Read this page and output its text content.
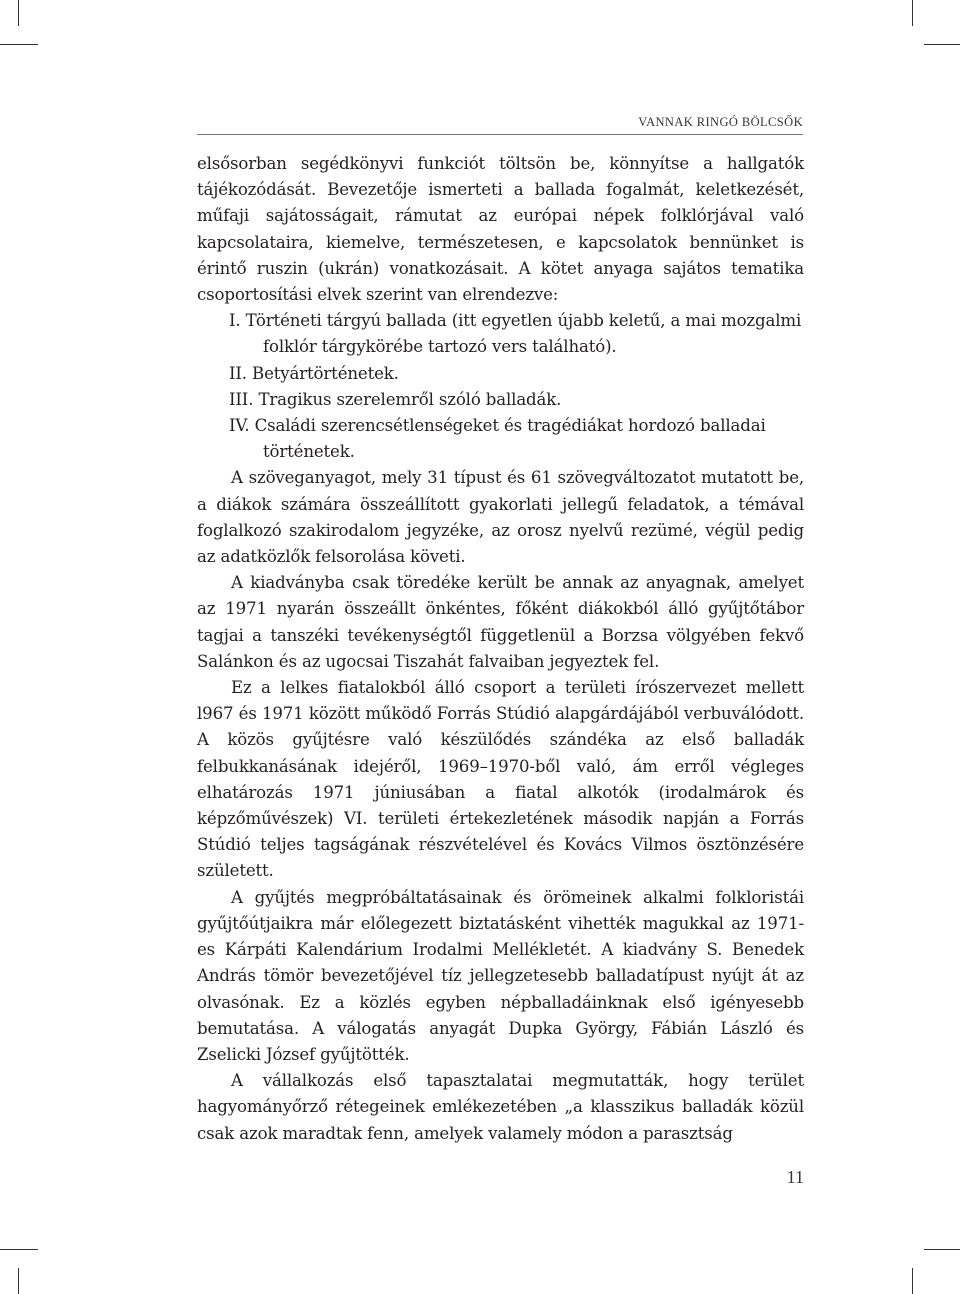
VANNAK RINGÓ BÖLCSŐK

elsősorban segédkönyvi funkciót töltsön be, könnyítse a hallgatók tájékozódását. Bevezetője ismerteti a ballada fogalmát, keletkezését, műfaji sajátosságait, rámutat az európai népek folklórjával való kapcsolataira, kiemelve, természetesen, e kapcsolatok bennünket is érintő ruszin (ukrán) vonatkozásait. A kötet anyaga sajátos tematika csoportosítási elvek szerint van elrendezve:

I. Történeti tárgyú ballada (itt egyetlen újabb keletű, a mai mozgalmi folklór tárgykörébe tartozó vers található).
II. Betyártörténetek.
III. Tragikus szerelemről szóló balladák.
IV. Családi szerencsétlenségeket és tragédiákat hordozó balladai történetek.

A szöveganyagot, mely 31 típust és 61 szövegváltozatot mutatott be, a diákok számára összeállított gyakorlati jellegű feladatok, a témával foglalkozó szakirodalom jegyzéke, az orosz nyelvű rezümé, végül pedig az adatközlők felsorolása követi.

A kiadványba csak töredéke került be annak az anyagnak, amelyet az 1971 nyarán összeállt önkéntes, főként diákokból álló gyűjtőtábor tagjai a tanszéki tevékenységtől függetlenül a Borzsa völgyében fekvő Salánkon és az ugocsai Tiszahát falvaiban jegyeztek fel.

Ez a lelkes fiatalokból álló csoport a területi írószervezet mellett l967 és 1971 között működő Forrás Stúdió alapgárdájából verbuválódott. A közös gyűjtésre való készülődés szándéka az első balladák felbukkanásának idejéről, 1969–1970-ből való, ám erről végleges elhatározás 1971 júniusában a fiatal alkotók (irodalmárok és képzőművészek) VI. területi értekezletének második napján a Forrás Stúdió teljes tagságának részvételével és Kovács Vilmos ösztönzésére született.

A gyűjtés megpróbáltatásainak és örömeinek alkalmi folkloristái gyűjtőútjaikra már előlegezett biztatásként vihették magukkal az 1971-es Kárpáti Kalendárium Irodalmi Mellékletét. A kiadvány S. Benedek András tömör bevezetőjével tíz jellegzetesebb balladatípust nyújt át az olvasónak. Ez a közlés egyben népballadáinknak első igényesebb bemutatása. A válogatás anyagát Dupka György, Fábián László és Zselicki József gyűjtötték.

A vállalkozás első tapasztalatai megmutatták, hogy terület hagyományőrző rétegeinek emlékezetében „a klasszikus balladák közül csak azok maradtak fenn, amelyek valamely módon a parasztság

11
